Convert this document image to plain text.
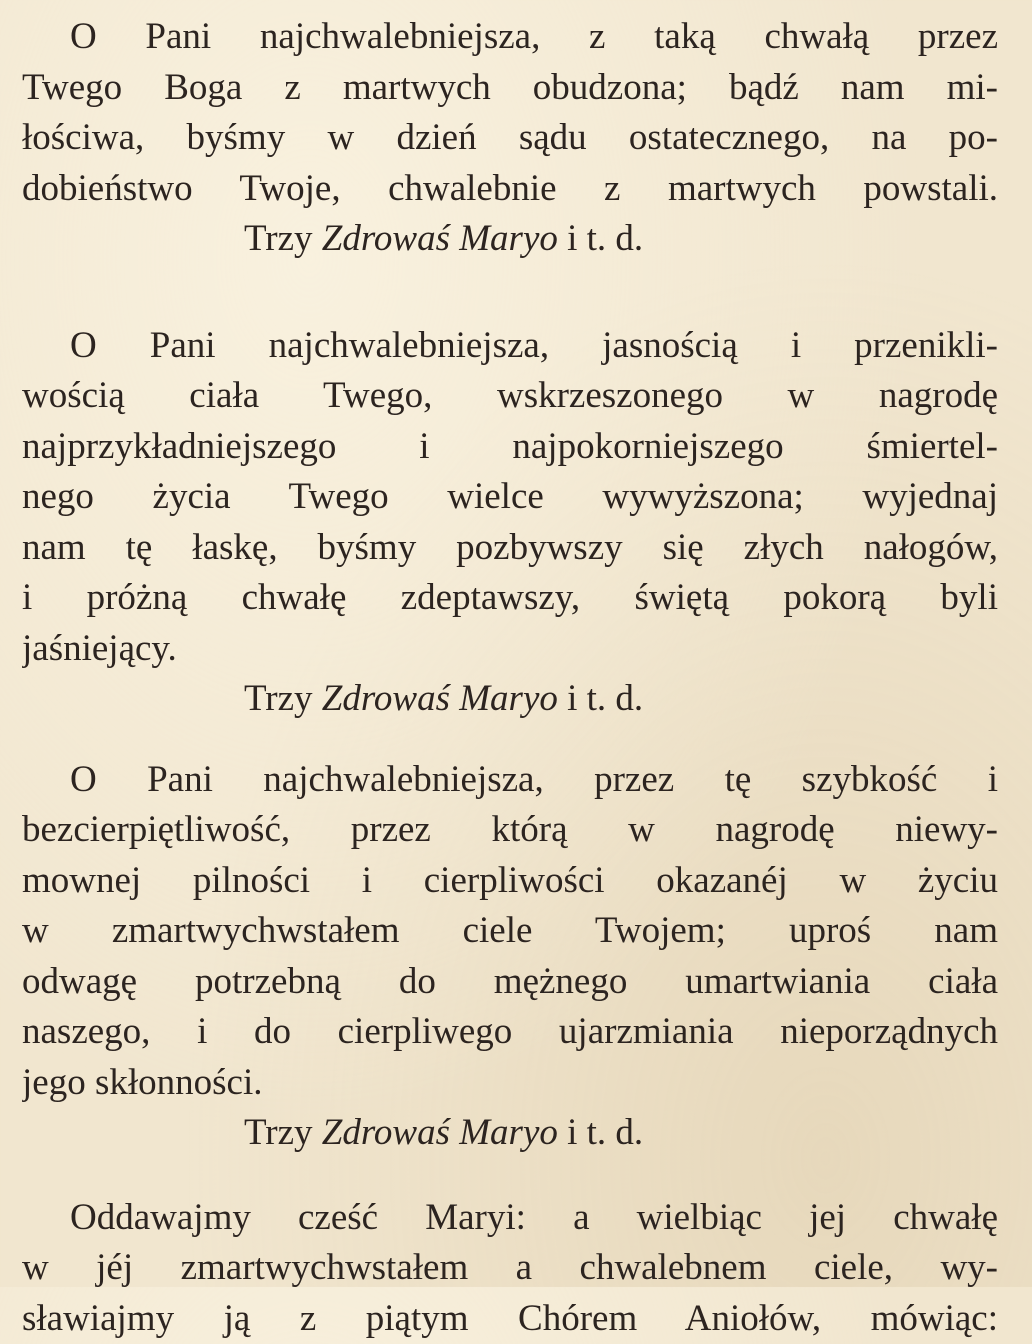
O Pani najchwalebniejsza, z taką chwałą przez
Twego Boga z martwych obudzona; bądź nam mi-
łościwa, byśmy w dzień sądu ostatecznego, na po-
dobieństwo Twoje, chwalebnie z martwych powstali.

Trzy Zdrowaś Maryo i t. d.

O Pani najchwalebniejsza, jasnością i przenikli-
wością ciała Twego, wskrzeszonego w nagrodę
najprzykładniejszego i najpokorniejszego śmiertel-
nego życia Twego wielce wywyższona; wyjednaj
nam tę łaskę, byśmy pozbywszy się złych nałogów,
i próżną chwałę zdeptawszy, świętą pokorą byli
jaśniejący.

Trzy Zdrowaś Maryo i t. d.

O Pani najchwalebniejsza, przez tę szybkość i
bezcierpiętliwość, przez którą w nagrodę niewy-
mownej pilności i cierpliwości okazanéj w życiu
w zmartwychwstałem ciele Twojem; uproś nam
odwagę potrzebną do mężnego umartwiania ciała
naszego, i do cierpliwego ujarzmiania nieporządnych
jego skłonności.

Trzy Zdrowaś Maryo i t. d.

Oddawajmy cześć Maryi: a wielbiąc jej chwałę
w jéj zmartwychwstałem a chwalebnem ciele, wy-
sławiajmy ją z piątym Chórem Aniołów, mówiąc:
